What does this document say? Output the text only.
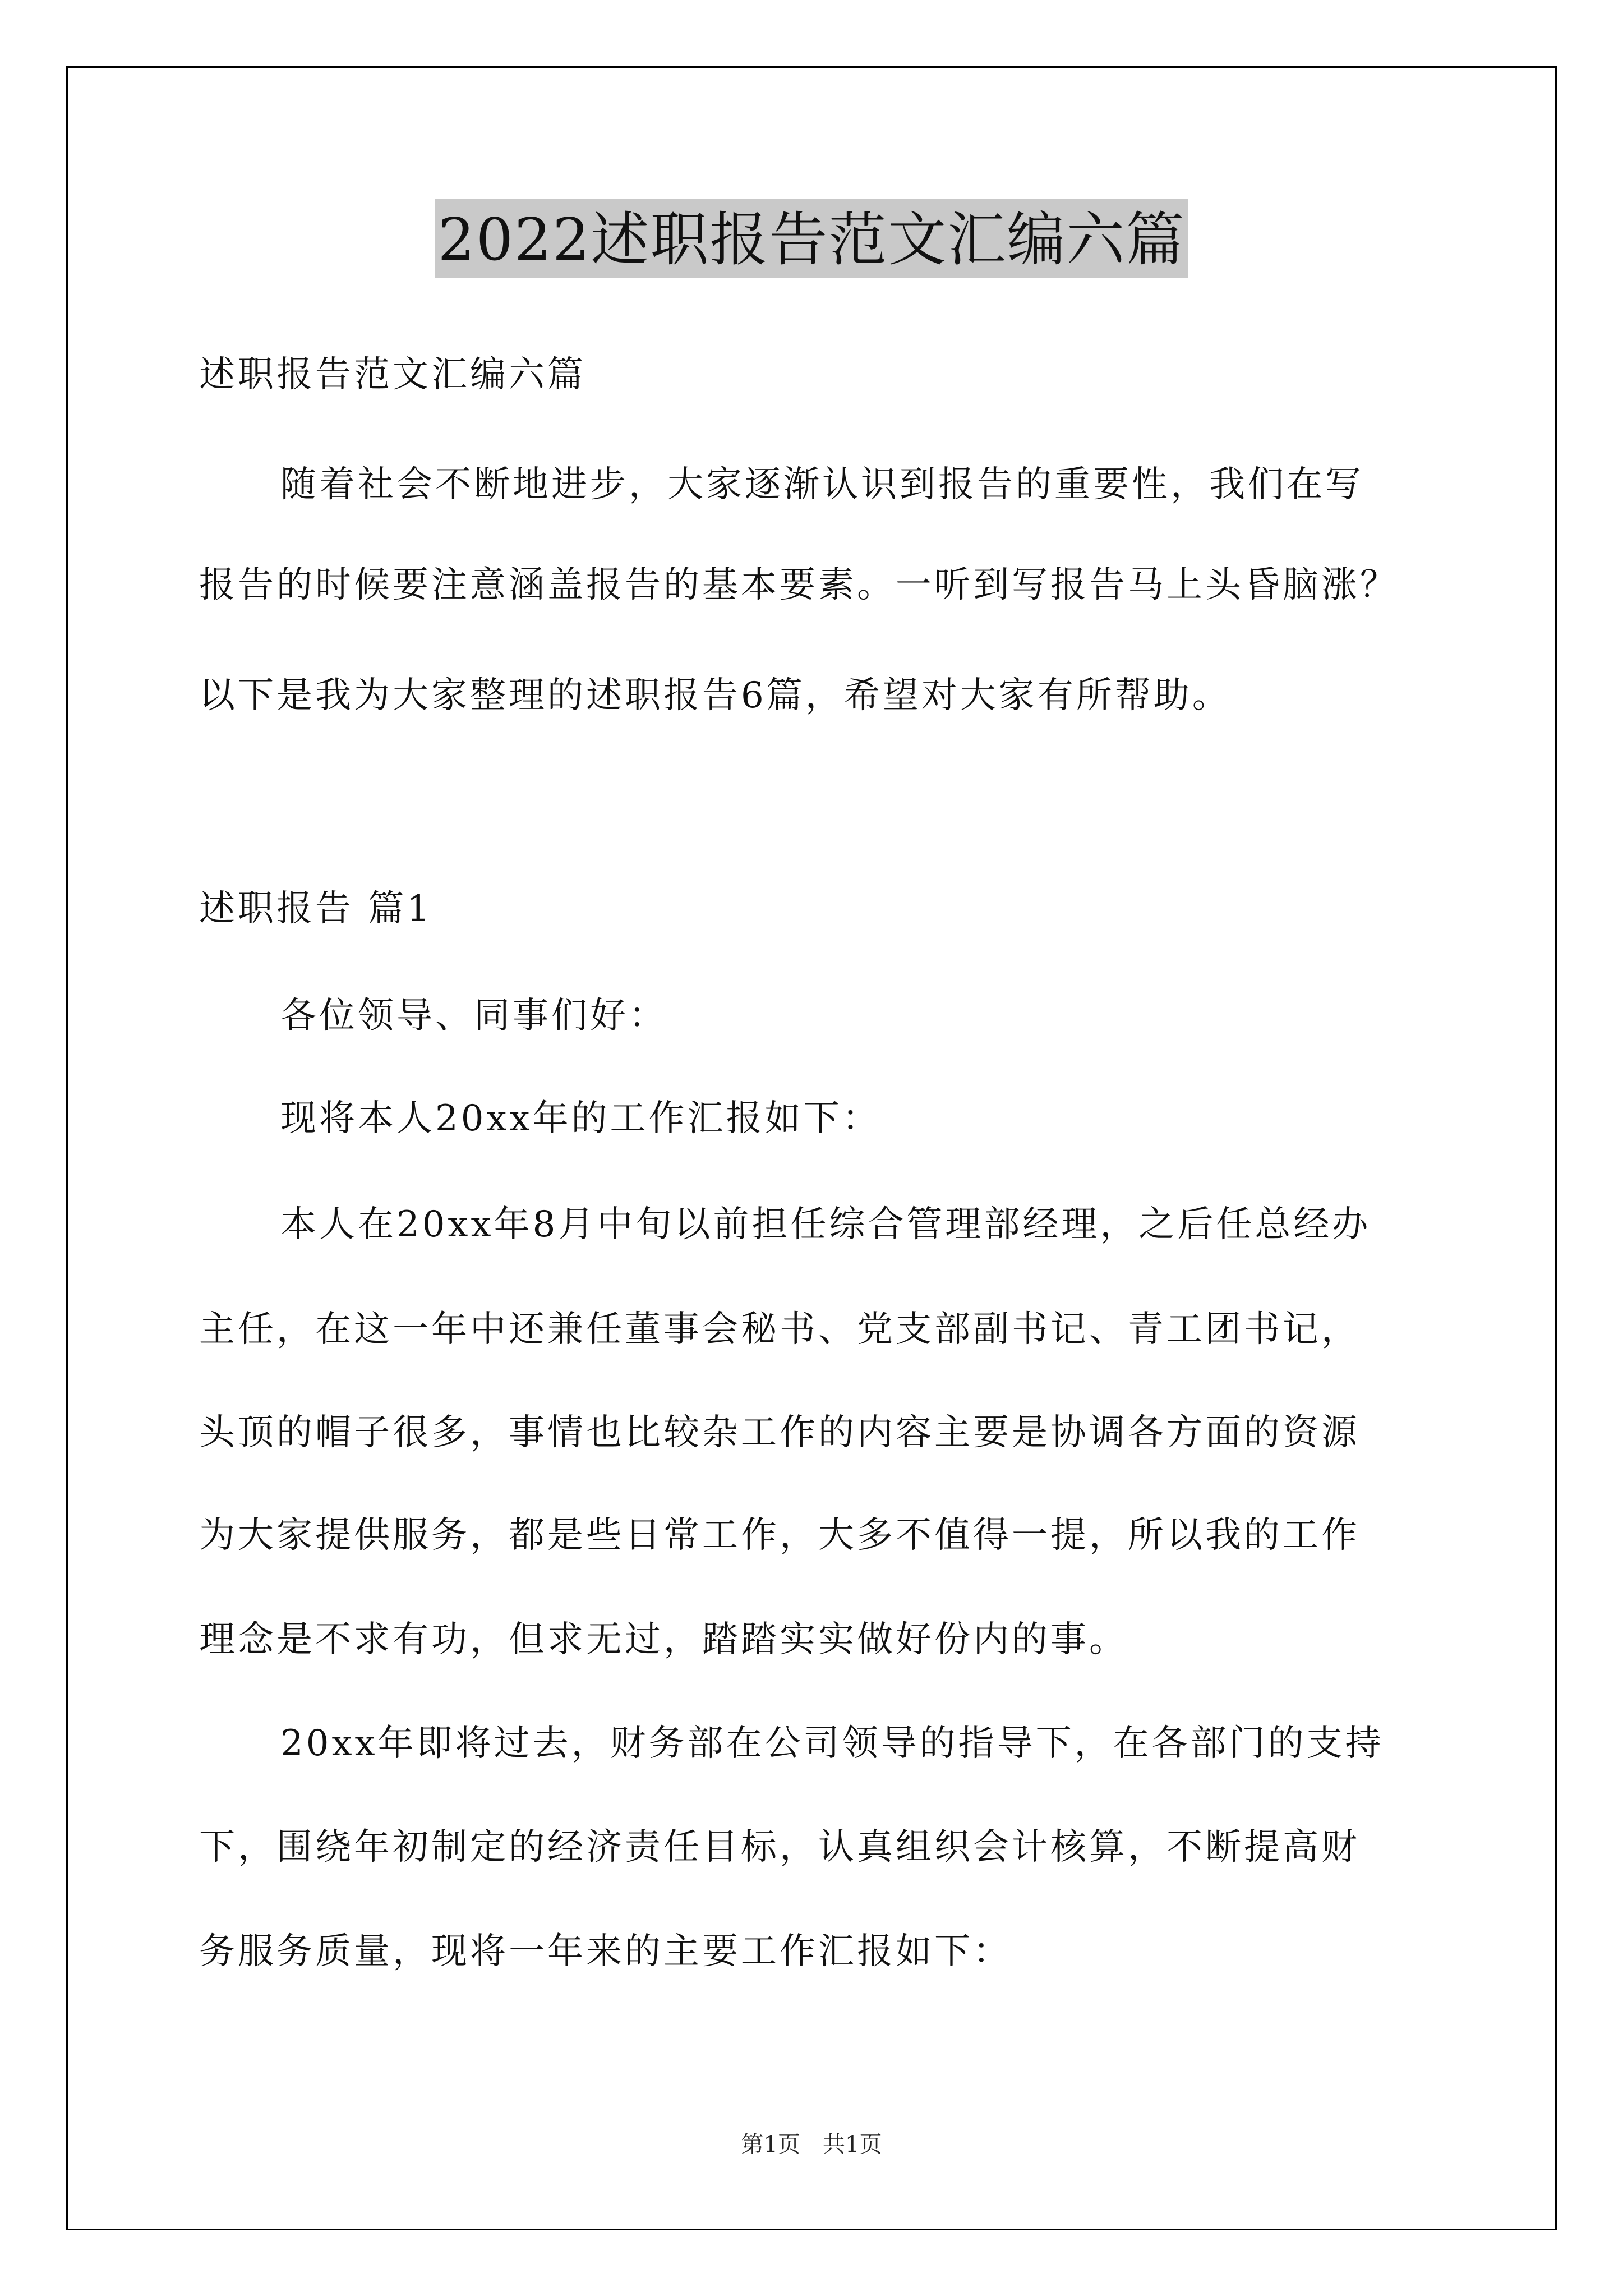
2022述职报告范文汇编六篇
述职报告范文汇编六篇
随着社会不断地进步，大家逐渐认识到报告的重要性，我们在写
报告的时候要注意涵盖报告的基本要素。一听到写报告马上头昏脑涨？
以下是我为大家整理的述职报告6篇，希望对大家有所帮助。
述职报告 篇1
各位领导、同事们好：
现将本人20xx年的工作汇报如下：
本人在20xx年8月中旬以前担任综合管理部经理，之后任总经办
主任，在这一年中还兼任董事会秘书、党支部副书记、青工团书记，
头顶的帽子很多，事情也比较杂工作的内容主要是协调各方面的资源
为大家提供服务，都是些日常工作，大多不值得一提，所以我的工作
理念是不求有功，但求无过，踏踏实实做好份内的事。
20xx年即将过去，财务部在公司领导的指导下，在各部门的支持
下，围绕年初制定的经济责任目标，认真组织会计核算，不断提高财
务服务质量，现将一年来的主要工作汇报如下：
第1页　共1页
